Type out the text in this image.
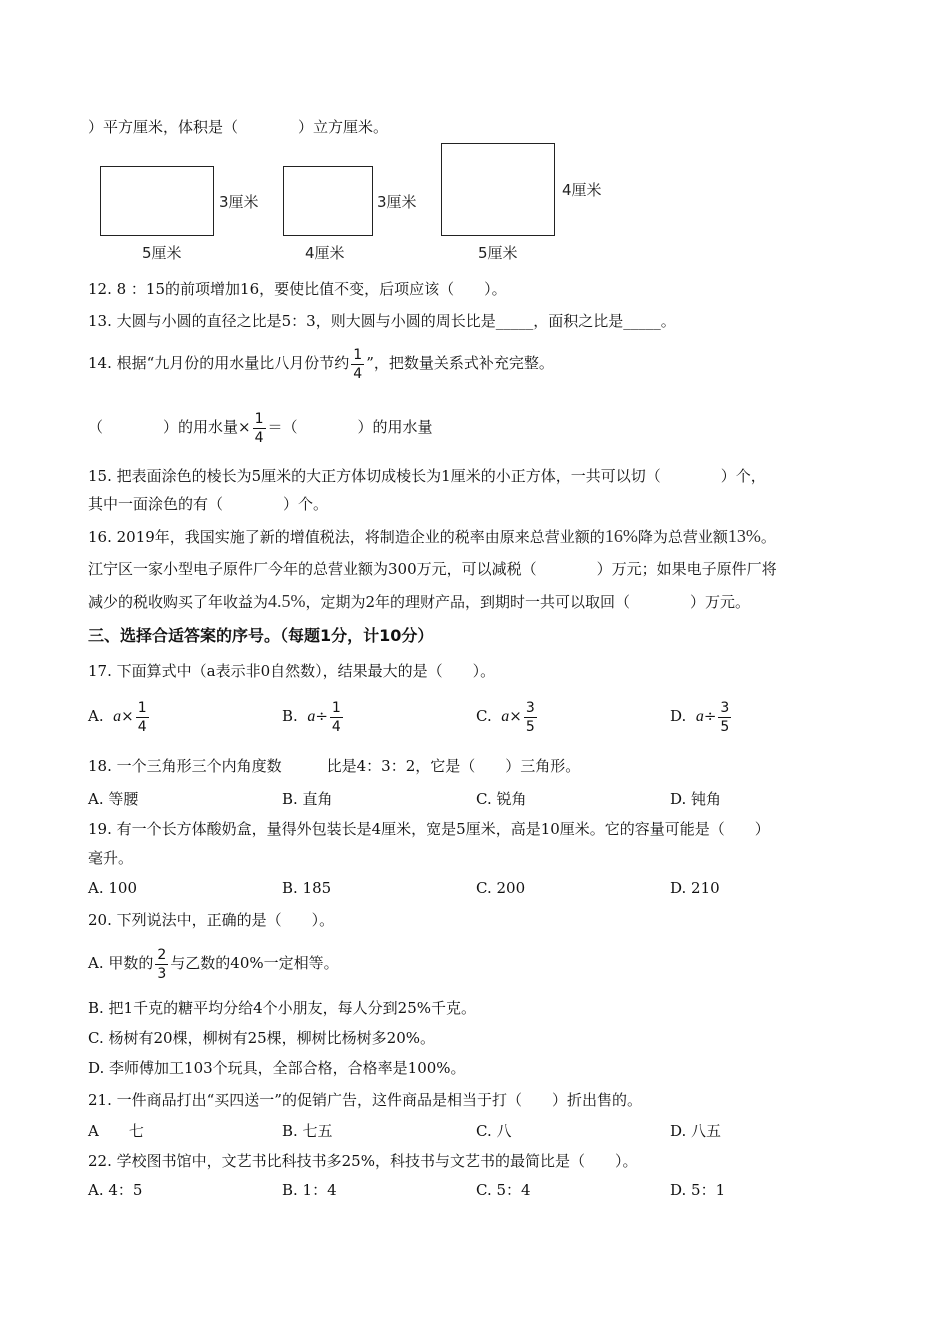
）平方厘米，体积是（　　　　）立方厘米。
3厘米
5厘米
3厘米
4厘米
4厘米
5厘米
12. 8 ：15的前项增加16，要使比值不变，后项应该（　　）。
13. 大圆与小圆的直径之比是5：3，则大圆与小圆的周长比是_____，面积之比是_____。
14. 根据“九月份的用水量比八月份节约 $\frac{1}{4}$ ”，把数量关系式补充完整。
（　　　　）的用水量× $\frac{1}{4}$ ＝（　　　　）的用水量
15. 把表面涂色的棱长为5厘米的大正方体切成棱长为1厘米的小正方体，一共可以切（　　　　）个，
其中一面涂色的有（　　　　）个。
16. 2019年，我国实施了新的增值税法，将制造企业的税率由原来总营业额的16%降为总营业额13%。
江宁区一家小型电子原件厂今年的总营业额为300万元，可以减税（　　　　）万元；如果电子原件厂将
减少的税收购买了年收益为4.5%，定期为2年的理财产品，到期时一共可以取回（　　　　）万元。
三、选择合适答案的序号。（每题1分，计10分）
17. 下面算式中（a表示非0自然数），结果最大的是（　　）。
A. $a\times \frac{1}{4}$	B. $a\div \frac{1}{4}$	C. $a\times \frac{3}{5}$	D. $a\div \frac{3}{5}$
18. 一个三角形三个内角度数　　　比是4：3：2，它是（　　）三角形。
A. 等腰	B. 直角	C. 锐角	D. 钝角
19. 有一个长方体酸奶盒，量得外包装长是4厘米，宽是5厘米，高是10厘米。它的容量可能是（　　）
毫升。
A. 100	B. 185	C. 200	D. 210
20. 下列说法中，正确的是（　　）。
A. 甲数的 $\frac{2}{3}$ 与乙数的40%一定相等。
B. 把1千克的糖平均分给4个小朋友，每人分到25%千克。
C. 杨树有20棵，柳树有25棵，柳树比杨树多20%。
D. 李师傅加工103个玩具，全部合格，合格率是100%。
21. 一件商品打出“买四送一”的促销广告，这件商品是相当于打（　　）折出售的。
A　　七	B. 七五	C. 八	D. 八五
22. 学校图书馆中，文艺书比科技书多25%，科技书与文艺书的最简比是（　　）。
A. 4：5	B. 1：4	C. 5：4	D. 5：1
